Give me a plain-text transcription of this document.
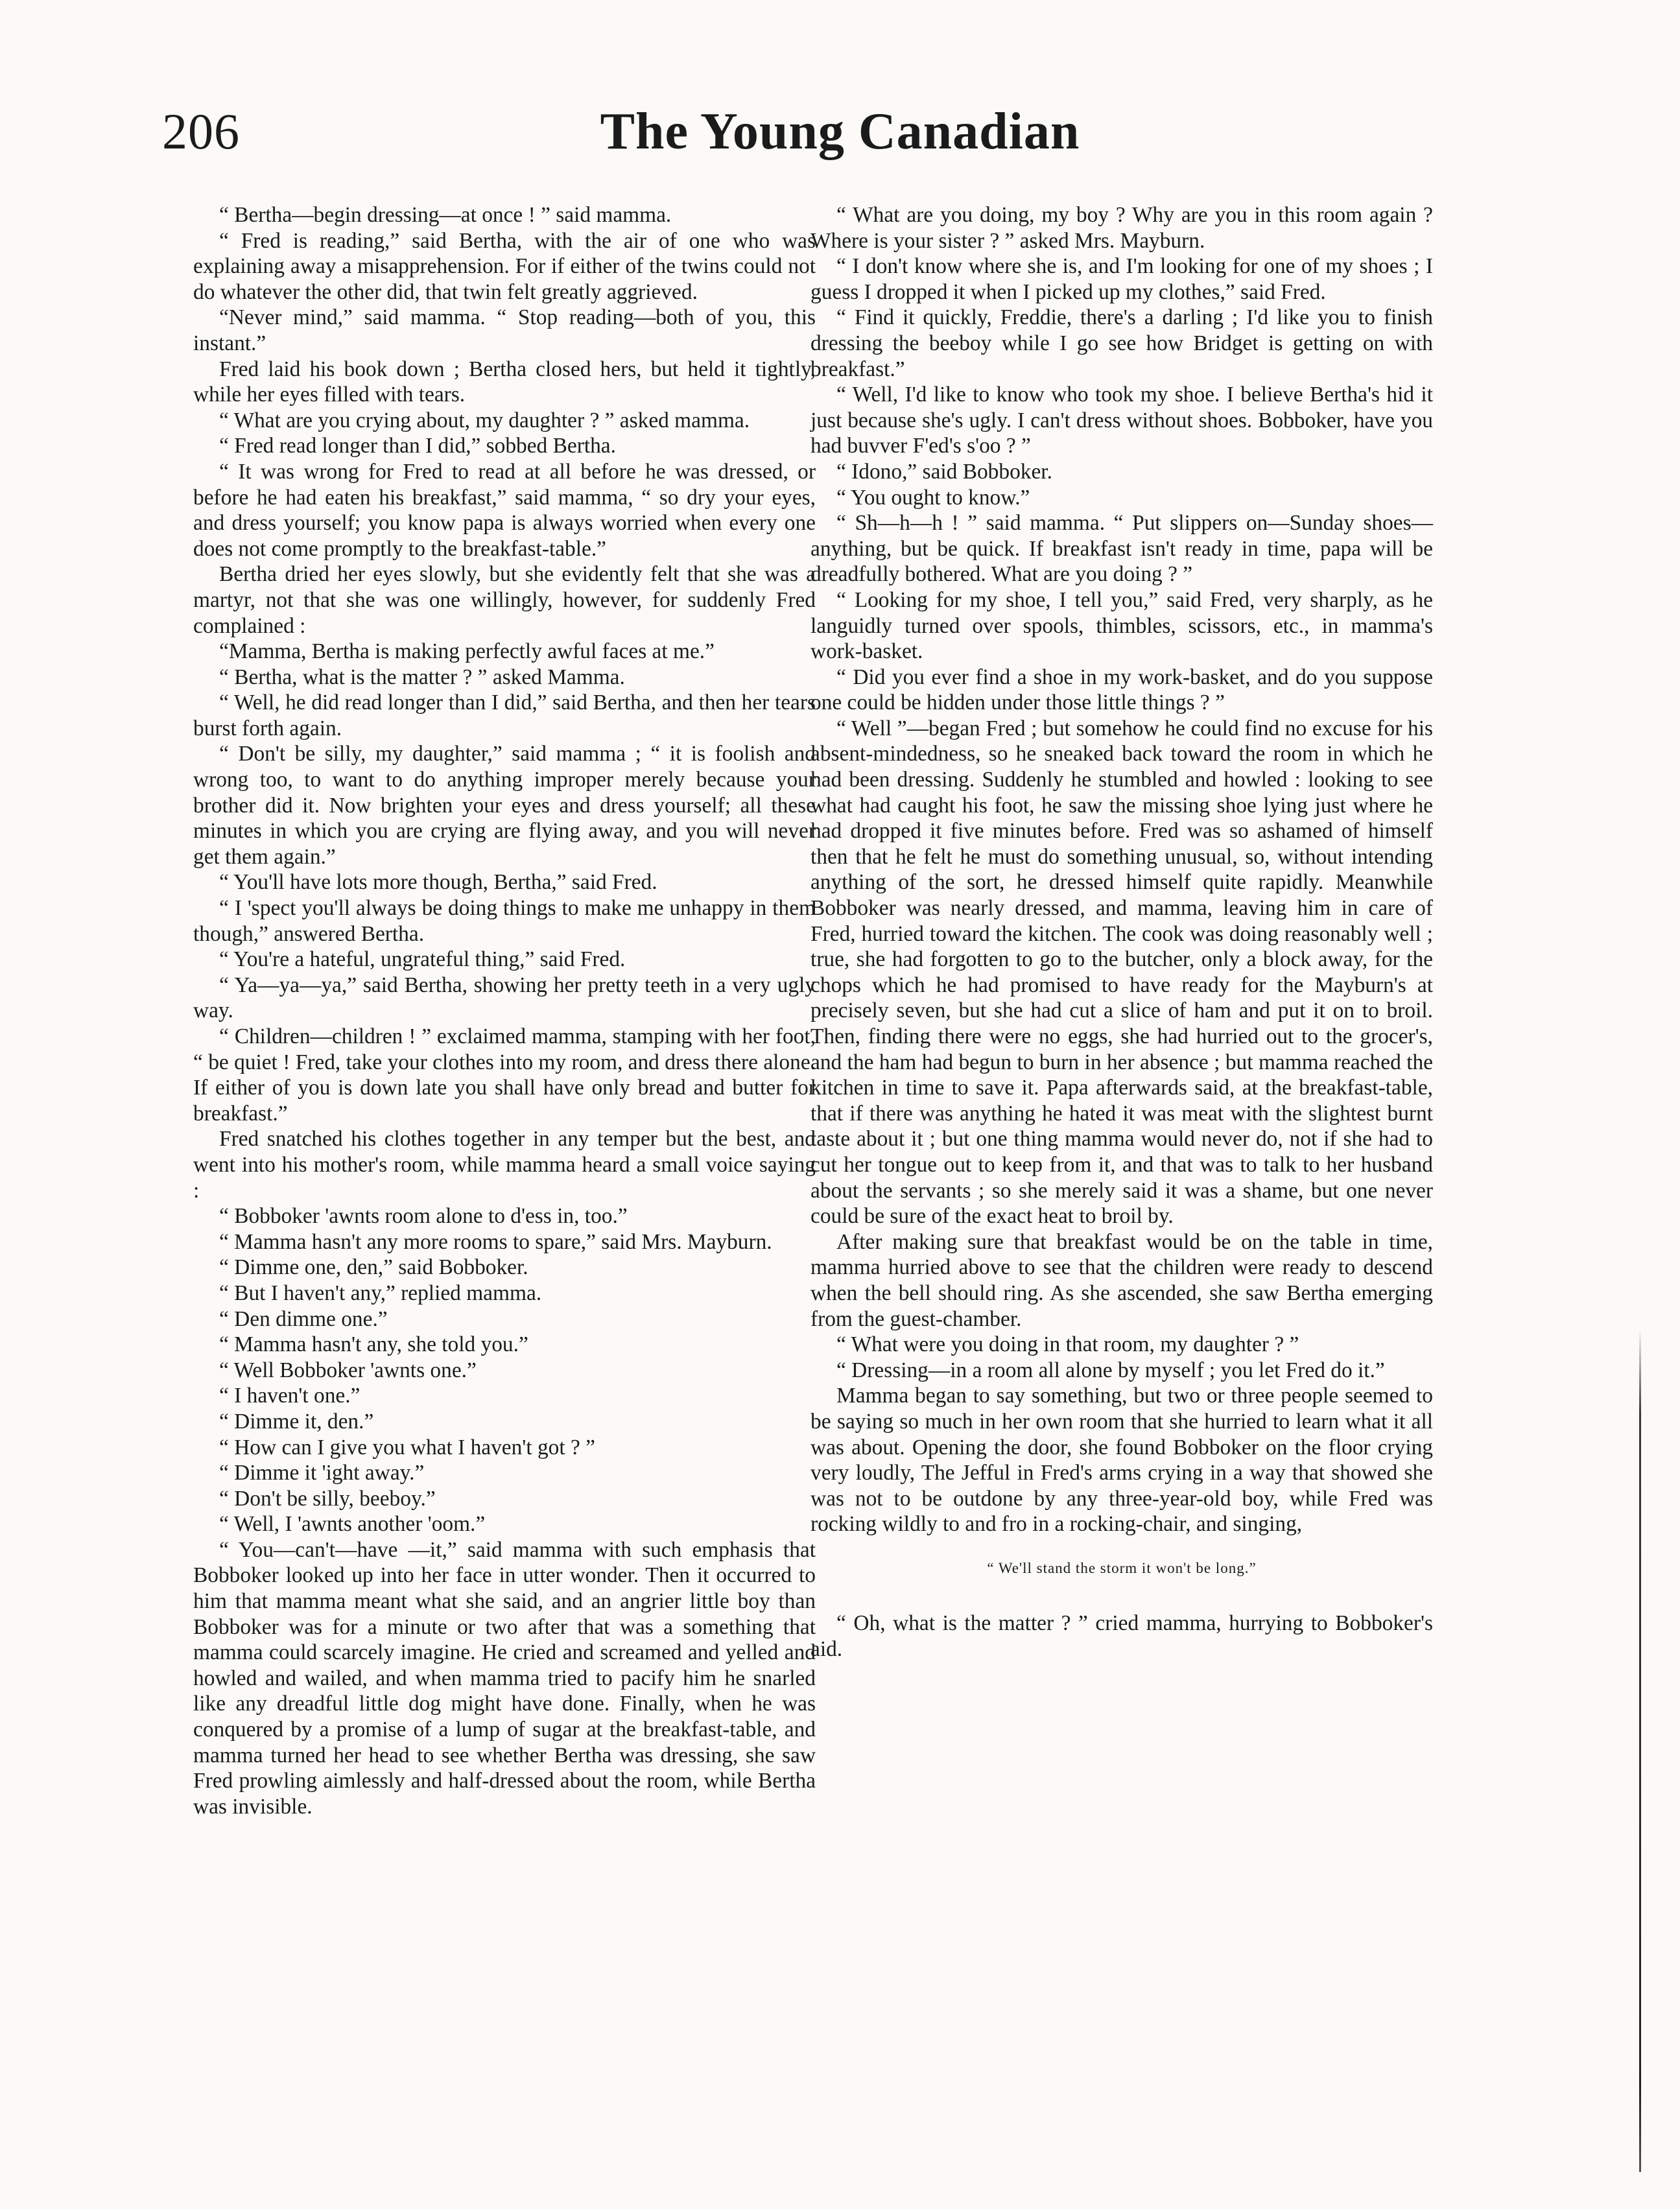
206	The Young Canadian

“ Bertha—begin dressing—at once ! ” said mamma.

“ Fred is reading,” said Bertha, with the air of one who was explaining away a misapprehension. For if either of the twins could not do whatever the other did, that twin felt greatly aggrieved.

“Never mind,” said mamma. “ Stop reading—both of you, this instant.”

Fred laid his book down ; Bertha closed hers, but held it tightly, while her eyes filled with tears.

“ What are you crying about, my daughter ? ” asked mamma.

“ Fred read longer than I did,” sobbed Bertha.

“ It was wrong for Fred to read at all before he was dressed, or before he had eaten his breakfast,” said mamma, “ so dry your eyes, and dress yourself; you know papa is always worried when every one does not come promptly to the breakfast-table.”

Bertha dried her eyes slowly, but she evidently felt that she was a martyr, not that she was one willingly, however, for suddenly Fred complained :

“Mamma, Bertha is making perfectly awful faces at me.”

“ Bertha, what is the matter ? ” asked Mamma.

“ Well, he did read longer than I did,” said Bertha, and then her tears burst forth again.

“ Don't be silly, my daughter,” said mamma ; “ it is foolish and wrong too, to want to do anything improper merely because your brother did it. Now brighten your eyes and dress yourself; all these minutes in which you are crying are flying away, and you will never get them again.”

“ You'll have lots more though, Bertha,” said Fred.

“ I 'spect you'll always be doing things to make me unhappy in them though,” answered Bertha.

“ You're a hateful, ungrateful thing,” said Fred.

“ Ya—ya—ya,” said Bertha, showing her pretty teeth in a very ugly way.

“ Children—children ! ” exclaimed mamma, stamping with her foot, “ be quiet ! Fred, take your clothes into my room, and dress there alone. If either of you is down late you shall have only bread and butter for breakfast.”

Fred snatched his clothes together in any temper but the best, and went into his mother's room, while mamma heard a small voice saying :

“ Bobboker 'awnts room alone to d'ess in, too.”

“ Mamma hasn't any more rooms to spare,” said Mrs. Mayburn.

“ Dimme one, den,” said Bobboker.

“ But I haven't any,” replied mamma.

“ Den dimme one.”

“ Mamma hasn't any, she told you.”

“ Well Bobboker 'awnts one.”

“ I haven't one.”

“ Dimme it, den.”

“ How can I give you what I haven't got ? ”

“ Dimme it 'ight away.”

“ Don't be silly, beeboy.”

“ Well, I 'awnts another 'oom.”

“ You—can't—have —it,” said mamma with such emphasis that Bobboker looked up into her face in utter wonder. Then it occurred to him that mamma meant what she said, and an angrier little boy than Bobboker was for a minute or two after that was a something that mamma could scarcely imagine. He cried and screamed and yelled and howled and wailed, and when mamma tried to pacify him he snarled like any dreadful little dog might have done. Finally, when he was conquered by a promise of a lump of sugar at the breakfast-table, and mamma turned her head to see whether Bertha was dressing, she saw Fred prowling aimlessly and half-dressed about the room, while Bertha was invisible.

“ What are you doing, my boy ? Why are you in this room again ? Where is your sister ? ” asked Mrs. Mayburn.

“ I don't know where she is, and I'm looking for one of my shoes ; I guess I dropped it when I picked up my clothes,” said Fred.

“ Find it quickly, Freddie, there's a darling ; I'd like you to finish dressing the beeboy while I go see how Bridget is getting on with breakfast.”

“ Well, I'd like to know who took my shoe. I believe Bertha's hid it just because she's ugly. I can't dress without shoes. Bobboker, have you had buvver F'ed's s'oo ? ”

“ Idono,” said Bobboker.

“ You ought to know.”

“ Sh—h—h ! ” said mamma. “ Put slippers on—Sunday shoes—anything, but be quick. If breakfast isn't ready in time, papa will be dreadfully bothered. What are you doing ? ”

“ Looking for my shoe, I tell you,” said Fred, very sharply, as he languidly turned over spools, thimbles, scissors, etc., in mamma's work-basket.

“ Did you ever find a shoe in my work-basket, and do you suppose one could be hidden under those little things ? ”

“ Well ”—began Fred ; but somehow he could find no excuse for his absent-mindedness, so he sneaked back toward the room in which he had been dressing. Suddenly he stumbled and howled : looking to see what had caught his foot, he saw the missing shoe lying just where he had dropped it five minutes before. Fred was so ashamed of himself then that he felt he must do something unusual, so, without intending anything of the sort, he dressed himself quite rapidly. Meanwhile Bobboker was nearly dressed, and mamma, leaving him in care of Fred, hurried toward the kitchen. The cook was doing reasonably well ; true, she had forgotten to go to the butcher, only a block away, for the chops which he had promised to have ready for the Mayburn's at precisely seven, but she had cut a slice of ham and put it on to broil. Then, finding there were no eggs, she had hurried out to the grocer's, and the ham had begun to burn in her absence ; but mamma reached the kitchen in time to save it. Papa afterwards said, at the breakfast-table, that if there was anything he hated it was meat with the slightest burnt taste about it ; but one thing mamma would never do, not if she had to cut her tongue out to keep from it, and that was to talk to her husband about the servants ; so she merely said it was a shame, but one never could be sure of the exact heat to broil by.

After making sure that breakfast would be on the table in time, mamma hurried above to see that the children were ready to descend when the bell should ring. As she ascended, she saw Bertha emerging from the guest-chamber.

“ What were you doing in that room, my daughter ? ”

“ Dressing—in a room all alone by myself ; you let Fred do it.”

Mamma began to say something, but two or three people seemed to be saying so much in her own room that she hurried to learn what it all was about. Opening the door, she found Bobboker on the floor crying very loudly, The Jefful in Fred's arms crying in a way that showed she was not to be outdone by any three-year-old boy, while Fred was rocking wildly to and fro in a rocking-chair, and singing,

“ We'll stand the storm it won't be long.”

“ Oh, what is the matter ? ” cried mamma, hurrying to Bobboker's aid.
